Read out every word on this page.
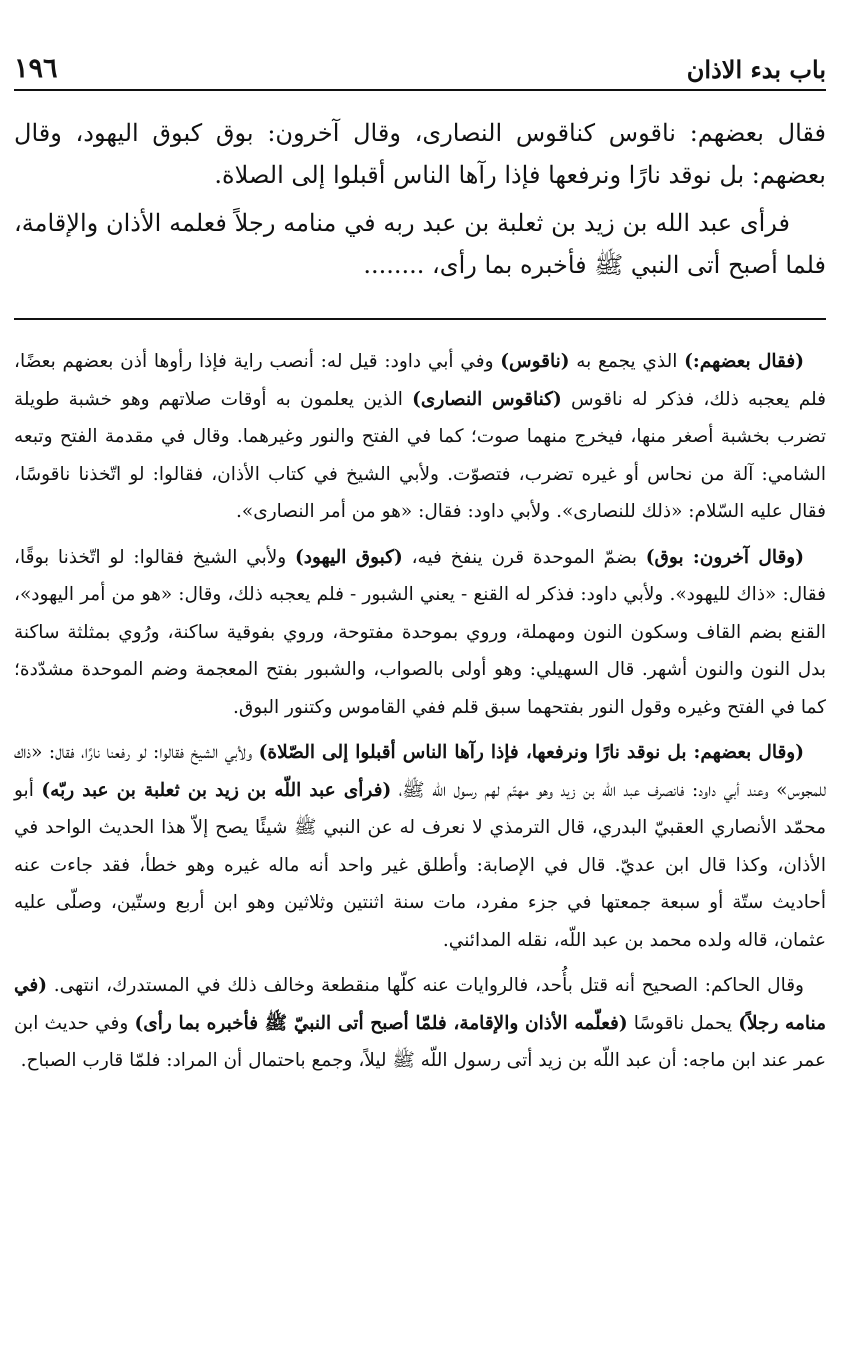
باب بدء الاذان
١٩٦

فقال بعضهم: ناقوس كناقوس النصارى، وقال آخرون: بوق كبوق اليهود، وقال بعضهم: بل نوقد نارًا ونرفعها فإذا رآها الناس أقبلوا إلى الصلاة.

فرأى عبد الله بن زيد بن ثعلبة بن عبد ربه في منامه رجلاً فعلمه الأذان والإقامة، فلما أصبح أتى النبي ﷺ فأخبره بما رأى، ........

(فقال بعضهم:) الذي يجمع به (ناقوس) وفي أبي داود: قيل له: أنصب راية فإذا رأوها أذن بعضهم بعضًا، فلم يعجبه ذلك، فذكر له ناقوس (كناقوس النصارى) الذين يعلمون به أوقات صلاتهم وهو خشبة طويلة تضرب بخشبة أصغر منها، فيخرج منهما صوت؛ كما في الفتح والنور وغيرهما. وقال في مقدمة الفتح وتبعه الشامي: آلة من نحاس أو غيره تضرب، فتصوّت. ولأبي الشيخ في كتاب الأذان، فقالوا: لو اتّخذنا ناقوسًا، فقال عليه السّلام: «ذلك للنصارى». ولأبي داود: فقال: «هو من أمر النصارى».

(وقال آخرون: بوق) بضمّ الموحدة قرن ينفخ فيه، (كبوق اليهود) ولأبي الشيخ فقالوا: لو اتّخذنا بوقًا، فقال: «ذاك لليهود». ولأبي داود: فذكر له القنع - يعني الشبور - فلم يعجبه ذلك، وقال: «هو من أمر اليهود»، القنع بضم القاف وسكون النون ومهملة، وروي بموحدة مفتوحة، وروي بفوقية ساكنة، ورُوي بمثلثة ساكنة بدل النون والنون أشهر. قال السهيلي: وهو أولى بالصواب، والشبور بفتح المعجمة وضم الموحدة مشدّدة؛ كما في الفتح وغيره وقول النور بفتحهما سبق قلم ففي القاموس وكتنور البوق.

(وقال بعضهم: بل نوقد نارًا ونرفعها، فإذا رآها الناس أقبلوا إلى الصّلاة) ولأبي الشيخ فقالوا: لو رفعنا نارًا، فقال: «ذاك للمجوس» وعند أبي داود: فانصرف عبد اللّه بن زيد وهو مهتّم لهم رسول اللّه ﷺ، (فرأى عبد اللّه بن زيد بن ثعلبة بن عبد ربّه) أبو محمّد الأنصاري العقبيّ البدري، قال الترمذي لا نعرف له عن النبي ﷺ شيئًا يصح إلاّ هذا الحديث الواحد في الأذان، وكذا قال ابن عديّ. قال في الإصابة: وأطلق غير واحد أنه ماله غيره وهو خطأ، فقد جاءت عنه أحاديث ستّة أو سبعة جمعتها في جزء مفرد، مات سنة اثنتين وثلاثين وهو ابن أربع وستّين، وصلّى عليه عثمان، قاله ولده محمد بن عبد اللّه، نقله المدائني.

وقال الحاكم: الصحيح أنه قتل بأُحد، فالروايات عنه كلّها منقطعة وخالف ذلك في المستدرك، انتهى. (في منامه رجلاً) يحمل ناقوسًا (فعلّمه الأذان والإقامة، فلمّا أصبح أتى النبيّ ﷺ فأخبره بما رأى) وفي حديث ابن عمر عند ابن ماجه: أن عبد اللّه بن زيد أتى رسول اللّه ﷺ ليلاً، وجمع باحتمال أن المراد: فلمّا قارب الصباح.
